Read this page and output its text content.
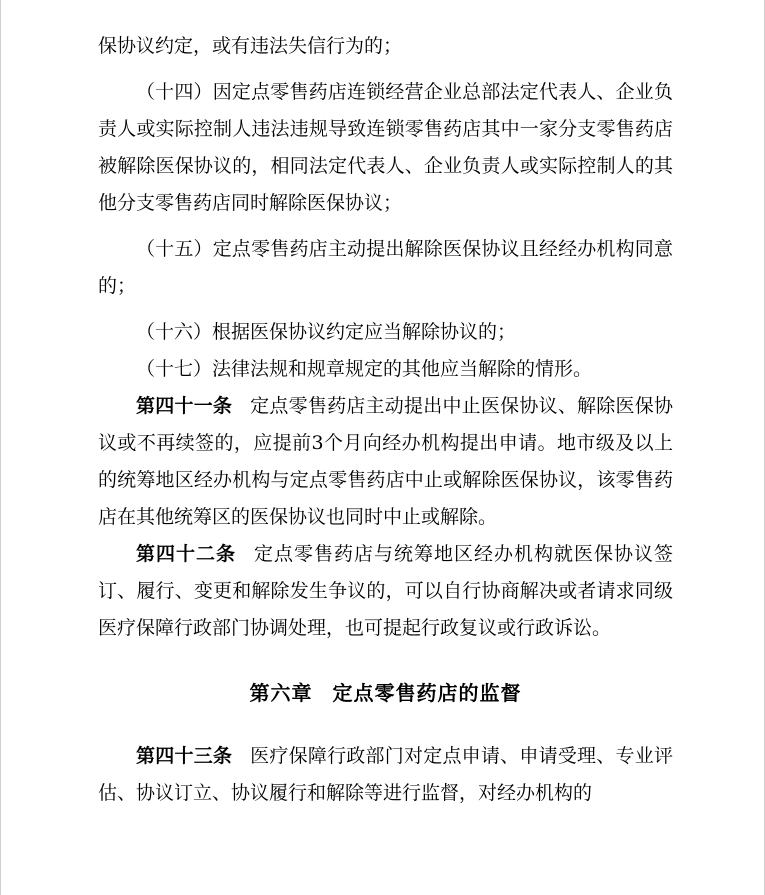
保协议约定，或有违法失信行为的；

（十四）因定点零售药店连锁经营企业总部法定代表人、企业负责人或实际控制人违法违规导致连锁零售药店其中一家分支零售药店被解除医保协议的，相同法定代表人、企业负责人或实际控制人的其他分支零售药店同时解除医保协议；

（十五）定点零售药店主动提出解除医保协议且经经办机构同意的；

（十六）根据医保协议约定应当解除协议的；

（十七）法律法规和规章规定的其他应当解除的情形。

第四十一条 定点零售药店主动提出中止医保协议、解除医保协议或不再续签的，应提前3个月向经办机构提出申请。地市级及以上的统筹地区经办机构与定点零售药店中止或解除医保协议，该零售药店在其他统筹区的医保协议也同时中止或解除。

第四十二条 定点零售药店与统筹地区经办机构就医保协议签订、履行、变更和解除发生争议的，可以自行协商解决或者请求同级医疗保障行政部门协调处理，也可提起行政复议或行政诉讼。

第六章 定点零售药店的监督

第四十三条 医疗保障行政部门对定点申请、申请受理、专业评估、协议订立、协议履行和解除等进行监督，对经办机构的
